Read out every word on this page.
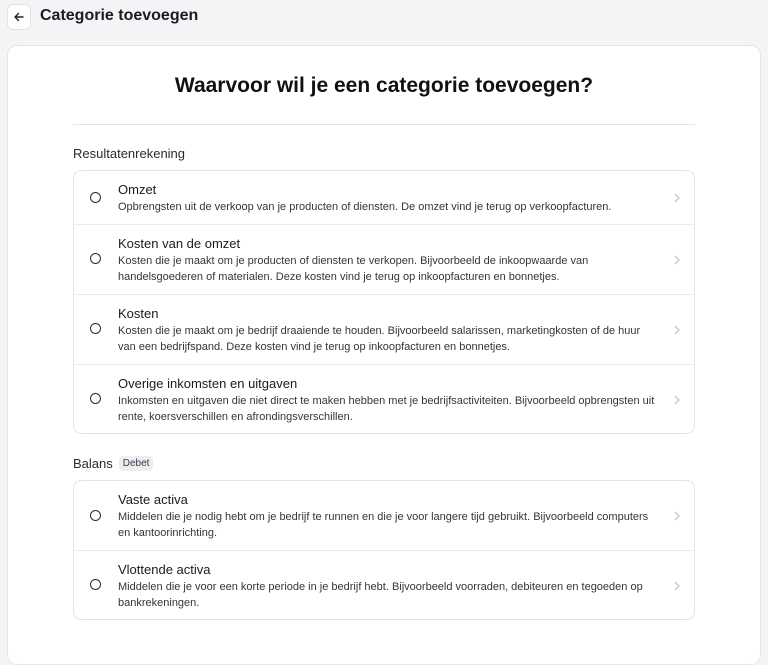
Categorie toevoegen
Waarvoor wil je een categorie toevoegen?
Resultatenrekening
Omzet
Opbrengsten uit de verkoop van je producten of diensten. De omzet vind je terug op verkoopfacturen.
Kosten van de omzet
Kosten die je maakt om je producten of diensten te verkopen. Bijvoorbeeld de inkoopwaarde van handelsgoederen of materialen. Deze kosten vind je terug op inkoopfacturen en bonnetjes.
Kosten
Kosten die je maakt om je bedrijf draaiende te houden. Bijvoorbeeld salarissen, marketingkosten of de huur van een bedrijfspand. Deze kosten vind je terug op inkoopfacturen en bonnetjes.
Overige inkomsten en uitgaven
Inkomsten en uitgaven die niet direct te maken hebben met je bedrijfsactiviteiten. Bijvoorbeeld opbrengsten uit rente, koersverschillen en afrondingsverschillen.
Balans	Debet
Vaste activa
Middelen die je nodig hebt om je bedrijf te runnen en die je voor langere tijd gebruikt. Bijvoorbeeld computers en kantoorinrichting.
Vlottende activa
Middelen die je voor een korte periode in je bedrijf hebt. Bijvoorbeeld voorraden, debiteuren en tegoeden op bankrekeningen.
